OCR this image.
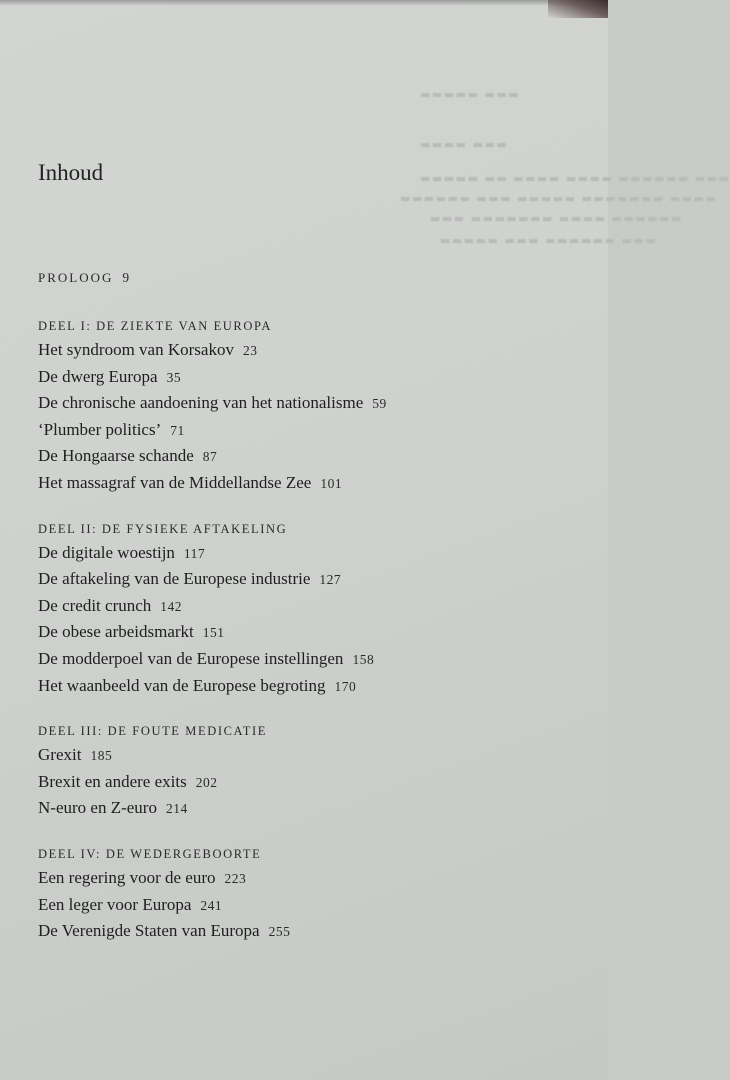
▬▬▬▬▬ ▬▬▬
▬▬▬▬ ▬▬▬
▬▬▬▬▬ ▬▬ ▬▬▬▬ ▬▬▬▬ ▬▬▬▬▬▬ ▬▬▬
▬▬▬▬▬▬ ▬▬▬ ▬▬▬▬▬ ▬▬▬▬▬▬▬ ▬▬▬▬
▬▬▬ ▬▬▬▬▬▬▬ ▬▬▬▬ ▬▬▬▬▬▬
▬▬▬▬▬ ▬▬▬ ▬▬▬▬▬▬ ▬▬▬
Inhoud
PROLOOG 9
DEEL I: DE ZIEKTE VAN EUROPA
Het syndroom van Korsakov 23
De dwerg Europa 35
De chronische aandoening van het nationalisme 59
‘Plumber politics’ 71
De Hongaarse schande 87
Het massagraf van de Middellandse Zee 101
DEEL II: DE FYSIEKE AFTAKELING
De digitale woestijn 117
De aftakeling van de Europese industrie 127
De credit crunch 142
De obese arbeidsmarkt 151
De modderpoel van de Europese instellingen 158
Het waanbeeld van de Europese begroting 170
DEEL III: DE FOUTE MEDICATIE
Grexit 185
Brexit en andere exits 202
N-euro en Z-euro 214
DEEL IV: DE WEDERGEBOORTE
Een regering voor de euro 223
Een leger voor Europa 241
De Verenigde Staten van Europa 255
